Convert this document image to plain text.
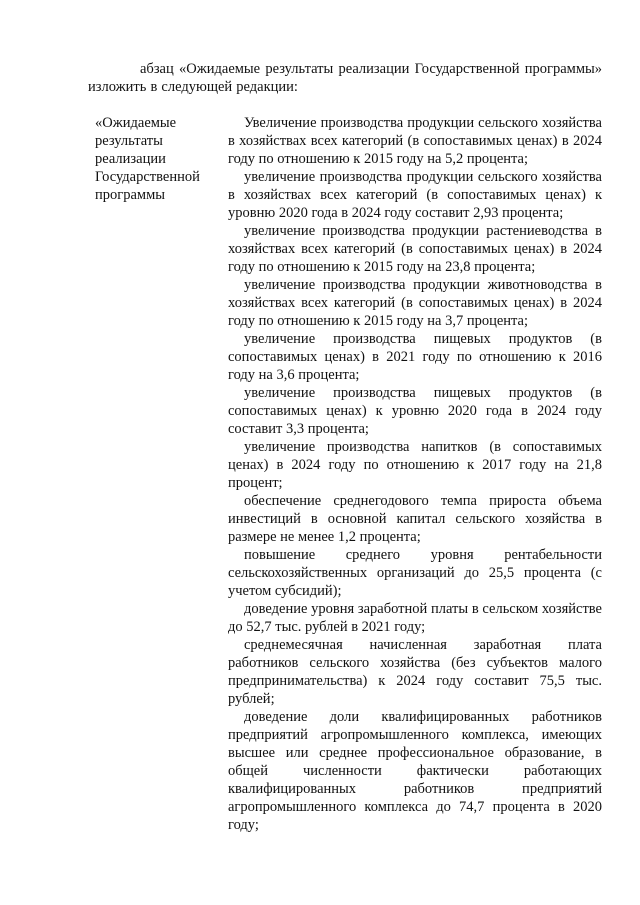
абзац «Ожидаемые результаты реализации Государственной программы» изложить в следующей редакции:

«Ожидаемые
результаты
реализации
Государственной
программы

Увеличение производства продукции сельского хозяйства в хозяйствах всех категорий (в сопоставимых ценах) в 2024 году по отношению к 2015 году на 5,2 процента;

увеличение производства продукции сельского хозяйства в хозяйствах всех категорий (в сопоставимых ценах) к уровню 2020 года в 2024 году составит 2,93 процента;

увеличение производства продукции растениеводства в хозяйствах всех категорий (в сопоставимых ценах) в 2024 году по отношению к 2015 году на 23,8 процента;

увеличение производства продукции животноводства в хозяйствах всех категорий (в сопоставимых ценах) в 2024 году по отношению к 2015 году на 3,7 процента;

увеличение производства пищевых продуктов (в сопоставимых ценах) в 2021 году по отношению к 2016 году на 3,6 процента;

увеличение производства пищевых продуктов (в сопоставимых ценах) к уровню 2020 года в 2024 году составит 3,3 процента;

увеличение производства напитков (в сопоставимых ценах) в 2024 году по отношению к 2017 году на 21,8 процент;

обеспечение среднегодового темпа прироста объема инвестиций в основной капитал сельского хозяйства в размере не менее 1,2 процента;

повышение среднего уровня рентабельности сельскохозяйственных организаций до 25,5 процента (с учетом субсидий);

доведение уровня заработной платы в сельском хозяйстве до 52,7 тыс. рублей в 2021 году;

среднемесячная начисленная заработная плата работников сельского хозяйства (без субъектов малого предпринимательства) к 2024 году составит 75,5 тыс. рублей;

доведение доли квалифицированных работников предприятий агропромышленного комплекса, имеющих высшее или среднее профессиональное образование, в общей численности фактически работающих квалифицированных работников предприятий агропромышленного комплекса до 74,7 процента в 2020 году;
